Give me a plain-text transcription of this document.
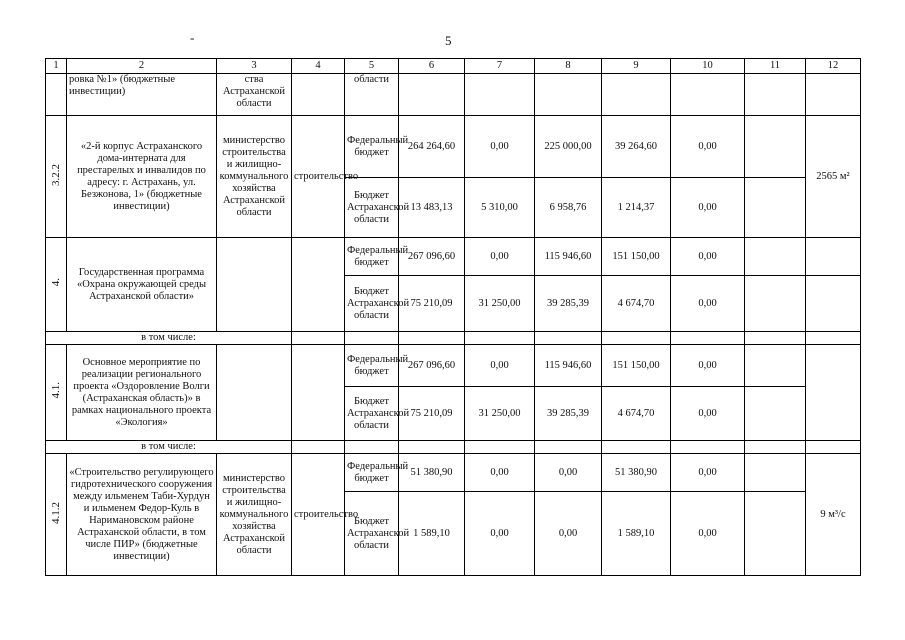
-	5
1	2	3	4	5	6	7	8	9	10	11	12
	ровка №1» (бюджетные инвестиции)	ства Астраханской области		области							
3.2.2	«2-й корпус Астраханского дома-интерната для престарелых и инвалидов по адресу: г. Астрахань, ул. Безжонова, 1» (бюджетные инвестиции)	министерство строительства и жилищно-коммунального хозяйства Астраханской области	строительство	Федеральный бюджет	264 264,60	0,00	225 000,00	39 264,60	0,00		2565 м²
				Бюджет Астраханской области	13 483,13	5 310,00	6 958,76	1 214,37	0,00		
4.	Государственная программа «Охрана окружающей среды Астраханской области»			Федеральный бюджет	267 096,60	0,00	115 946,60	151 150,00	0,00		
				Бюджет Астраханской области	75 210,09	31 250,00	39 285,39	4 674,70	0,00		
в том числе:											
4.1.	Основное мероприятие по реализации регионального проекта «Оздоровление Волги (Астраханская область)» в рамках национального проекта «Экология»			Федеральный бюджет	267 096,60	0,00	115 946,60	151 150,00	0,00		
				Бюджет Астраханской области	75 210,09	31 250,00	39 285,39	4 674,70	0,00		
в том числе:											
4.1.2	«Строительство регулирующего гидротехнического сооружения между ильменем Таби-Хурдун и ильменем Федор-Куль в Наримановском районе Астраханской области, в том числе ПИР» (бюджетные инвестиции)	министерство строительства и жилищно-коммунального хозяйства Астраханской области	строительство	Федеральный бюджет	51 380,90	0,00	0,00	51 380,90	0,00		9 м³/с
				Бюджет Астраханской области	1 589,10	0,00	0,00	1 589,10	0,00		
